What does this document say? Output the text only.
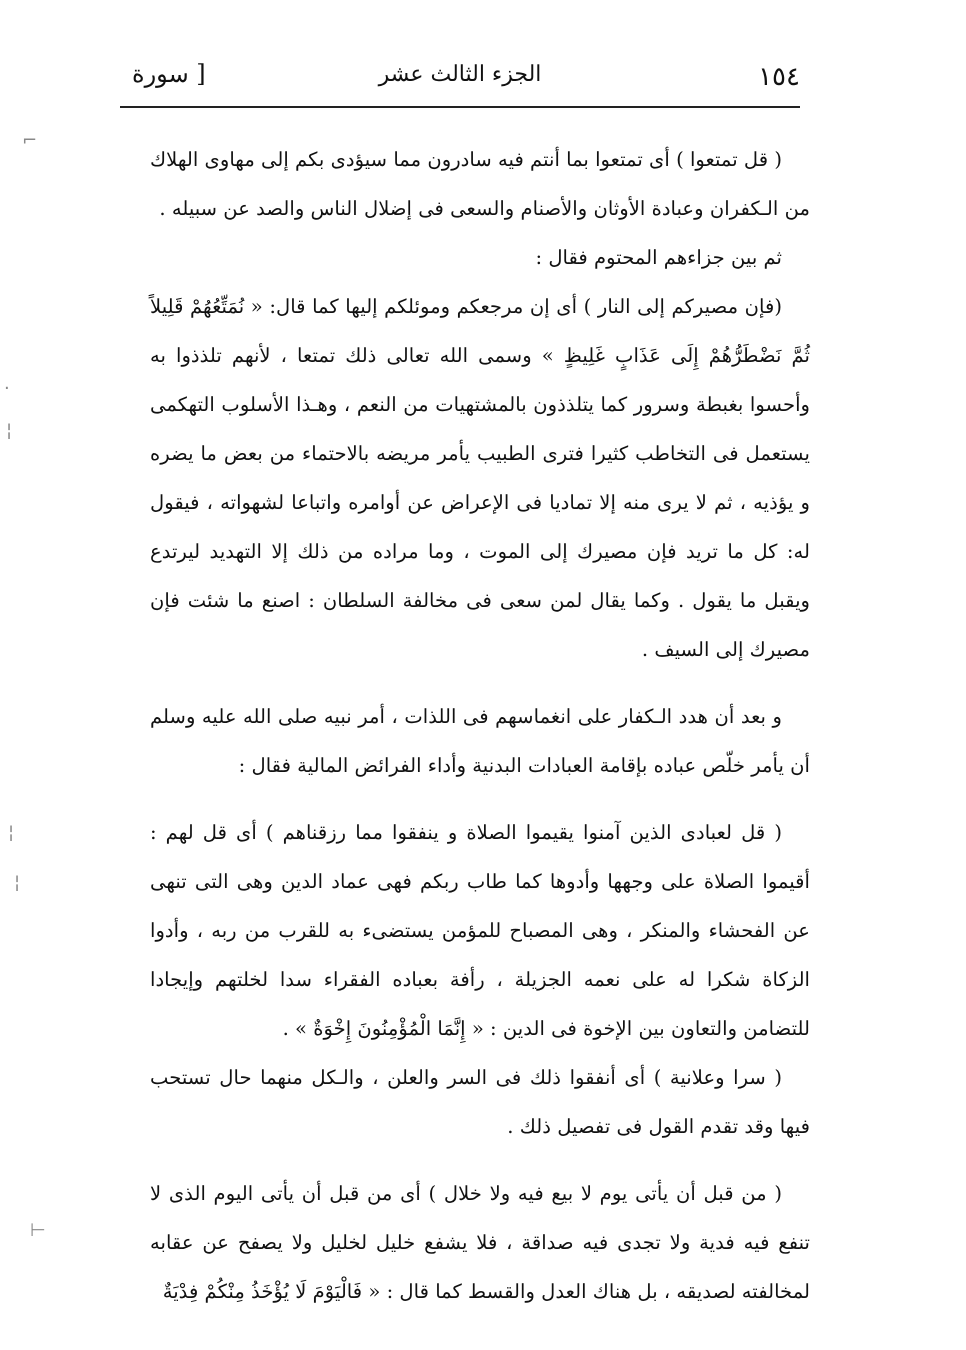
⌐
·
¦
¦
¦
⊢
١٥٤
الجزء الثالث عشر
[ سورة

( قل تمتعوا ) أى تمتعوا بما أنتم فيه سادرون مما سيؤدى بكم إلى مهاوى الهلاك من الـكفران وعبادة الأوثان والأصنام والسعى فى إضلال الناس والصد عن سبيله .

ثم بين جزاءهم المحتوم فقال :

(فإن مصيركم إلى النار ) أى إن مرجعكم وموئلكم إليها كما قال: « نُمَتِّعُهُمْ قَلِيلاً ثُمَّ نَضْطَرُّهُمْ إِلَى عَذَابٍ غَلِيظٍ » وسمى الله تعالى ذلك تمتعا ، لأنهم تلذذوا به وأحسوا بغبطة وسرور كما يتلذذون بالمشتهيات من النعم ، وهـذا الأسلوب التهكمى يستعمل فى التخاطب كثيرا فترى الطبيب يأمر مريضه بالاحتماء من بعض ما يضره و يؤذيه ، ثم لا يرى منه إلا تماديا فى الإعراض عن أوامره واتباعا لشهواته ، فيقول له: كل ما تريد فإن مصيرك إلى الموت ، وما مراده من ذلك إلا التهديد ليرتدع ويقبل ما يقول . وكما يقال لمن سعى فى مخالفة السلطان : اصنع ما شئت فإن مصيرك إلى السيف .

و بعد أن هدد الـكفار على انغماسهم فى اللذات ، أمر نبيه صلى الله عليه وسلم أن يأمر خلّص عباده بإقامة العبادات البدنية وأداء الفرائض المالية فقال :

( قل لعبادى الذين آمنوا يقيموا الصلاة و ينفقوا مما رزقناهم ) أى قل لهم : أقيموا الصلاة على وجهها وأدوها كما طاب ربكم فهى عماد الدين وهى التى تنهى عن الفحشاء والمنكر ، وهى المصباح للمؤمن يستضىء به للقرب من ربه ، وأدوا الزكاة شكرا له على نعمه الجزيلة ، رأفة بعباده الفقراء سدا لخلتهم وإيجادا للتضامن والتعاون بين الإخوة فى الدين : « إِنَّمَا الْمُؤْمِنُونَ إِخْوَةٌ » .

( سرا وعلانية ) أى أنفقوا ذلك فى السر والعلن ، والـكل منهما حال تستحب فيها وقد تقدم القول فى تفصيل ذلك .

( من قبل أن يأتى يوم لا بيع فيه ولا خلال ) أى من قبل أن يأتى اليوم الذى لا تنفع فيه فدية ولا تجدى فيه صداقة ، فلا يشفع خليل لخليل ولا يصفح عن عقابه لمخالفته لصديقه ، بل هناك العدل والقسط كما قال : « فَالْيَوْمَ لَا يُؤْخَذُ مِنْكُمْ فِدْيَةٌ
